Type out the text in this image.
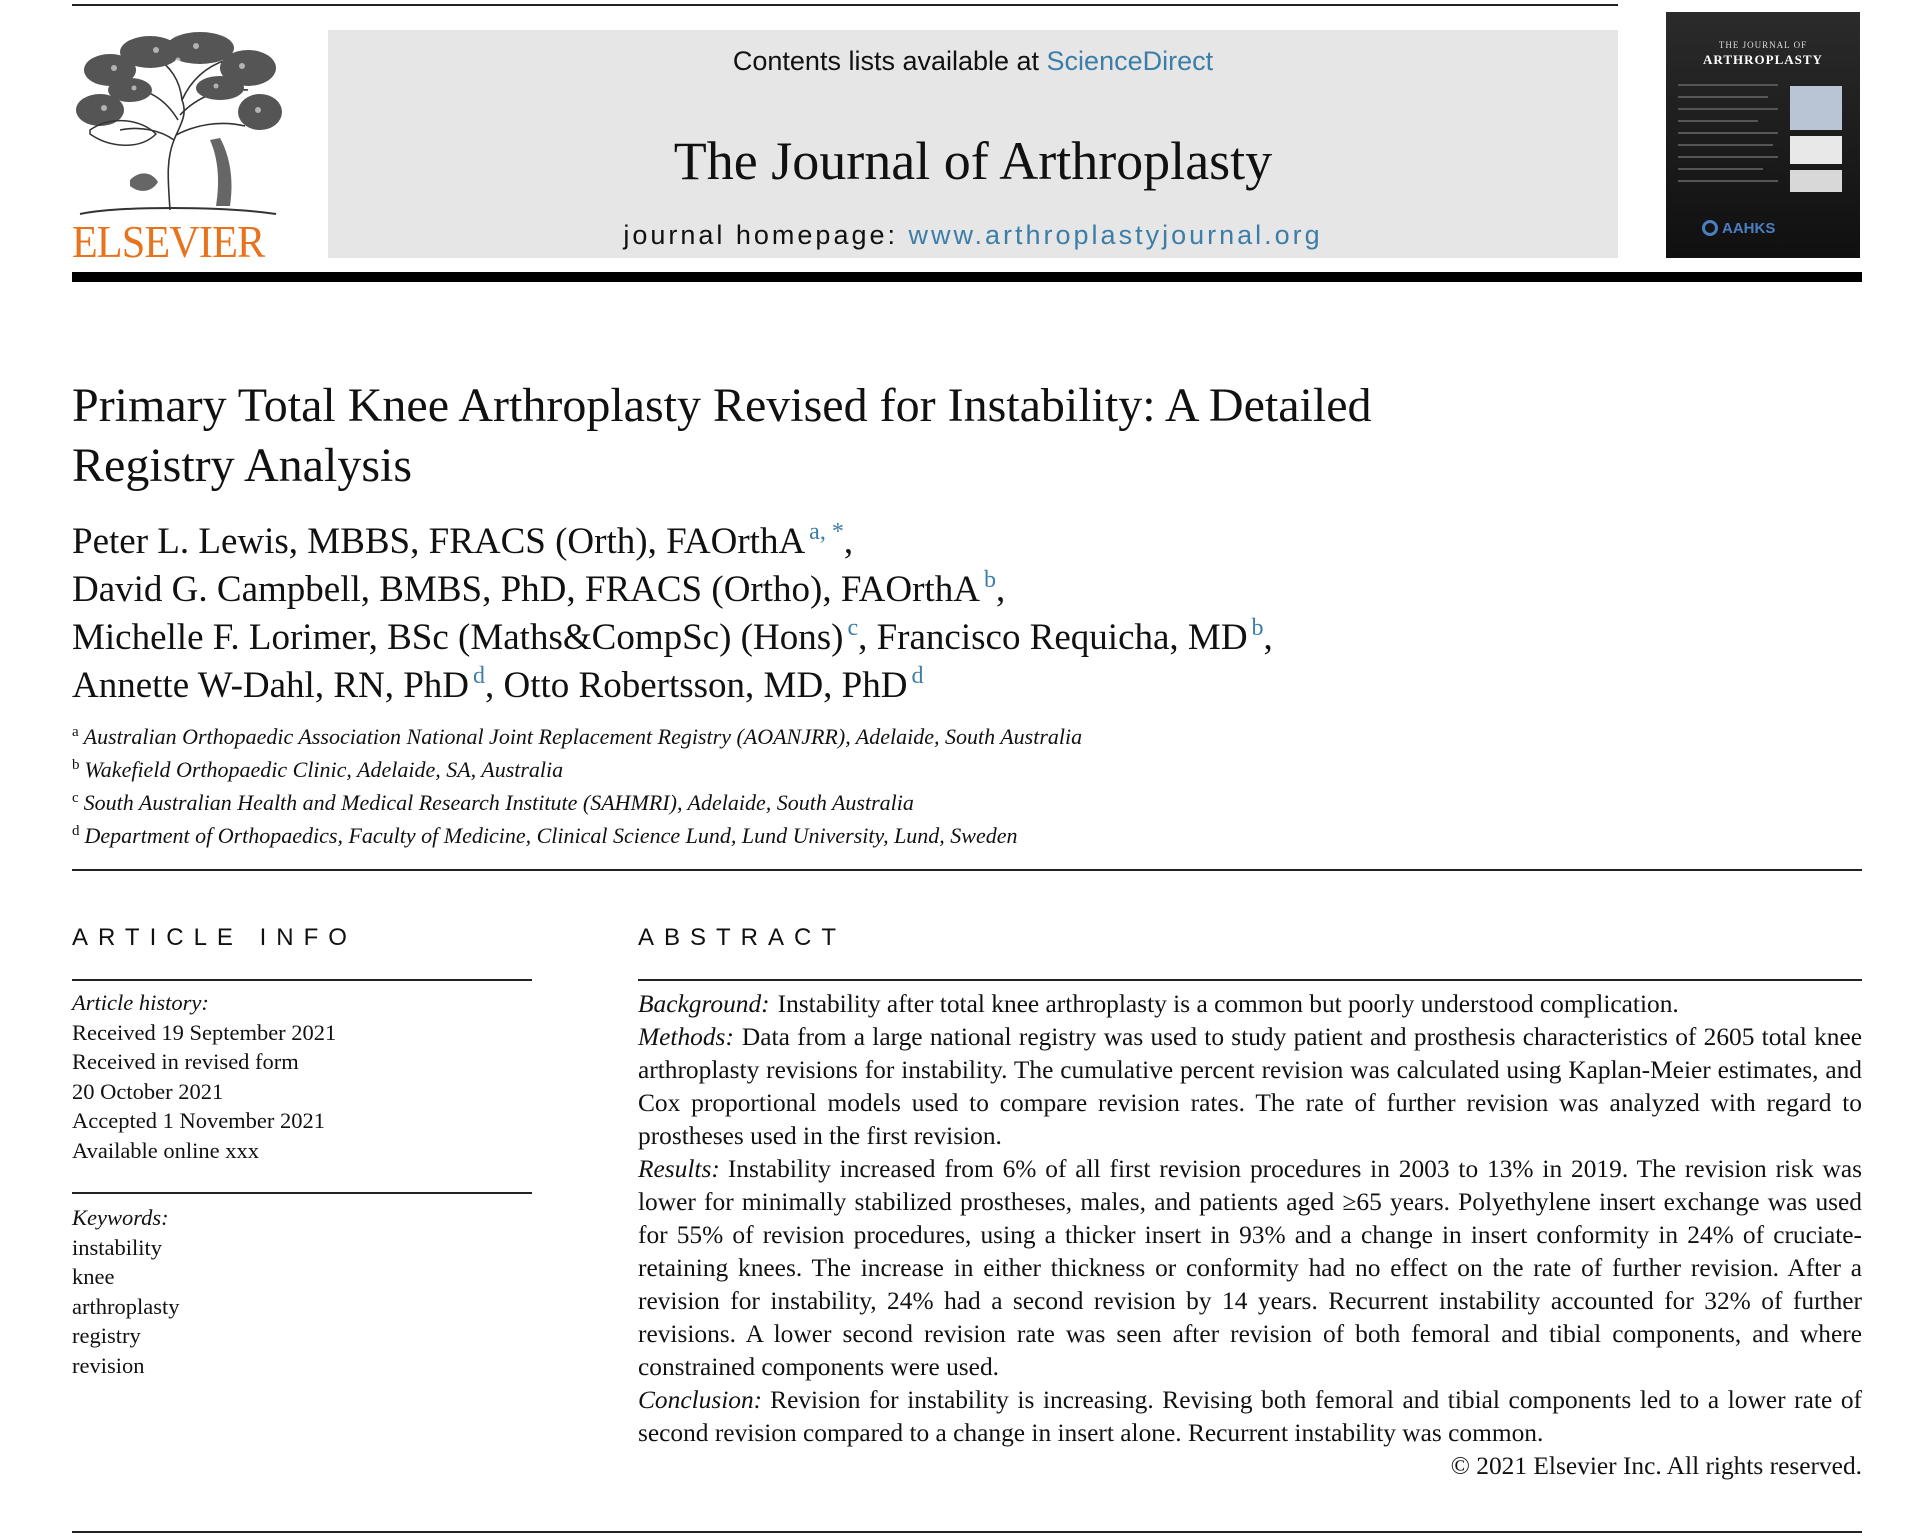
ELSEVIER
Contents lists available at ScienceDirect
The Journal of Arthroplasty
journal homepage: www.arthroplastyjournal.org
THE JOURNAL OF
ARTHROPLASTY
AAHKS
Primary Total Knee Arthroplasty Revised for Instability: A Detailed
Registry Analysis
Peter L. Lewis, MBBS, FRACS (Orth), FAOrthA $^{a, *}$,
David G. Campbell, BMBS, PhD, FRACS (Ortho), FAOrthA $^b$,
Michelle F. Lorimer, BSc (Maths&CompSc) (Hons) $^c$, Francisco Requicha, MD $^b$,
Annette W-Dahl, RN, PhD $^d$, Otto Robertsson, MD, PhD $^d$
$^a$ Australian Orthopaedic Association National Joint Replacement Registry (AOANJRR), Adelaide, South Australia
$^b$ Wakefield Orthopaedic Clinic, Adelaide, SA, Australia
$^c$ South Australian Health and Medical Research Institute (SAHMRI), Adelaide, South Australia
$^d$ Department of Orthopaedics, Faculty of Medicine, Clinical Science Lund, Lund University, Lund, Sweden
ARTICLE INFO
Article history:
Received 19 September 2021
Received in revised form
20 October 2021
Accepted 1 November 2021
Available online xxx
Keywords:
instability
knee
arthroplasty
registry
revision
ABSTRACT
Background: Instability after total knee arthroplasty is a common but poorly understood complication.
Methods: Data from a large national registry was used to study patient and prosthesis characteristics of 2605 total knee arthroplasty revisions for instability. The cumulative percent revision was calculated using Kaplan-Meier estimates, and Cox proportional models used to compare revision rates. The rate of further revision was analyzed with regard to prostheses used in the first revision.
Results: Instability increased from 6% of all first revision procedures in 2003 to 13% in 2019. The revision risk was lower for minimally stabilized prostheses, males, and patients aged ≥65 years. Polyethylene insert exchange was used for 55% of revision procedures, using a thicker insert in 93% and a change in insert conformity in 24% of cruciate-retaining knees. The increase in either thickness or conformity had no effect on the rate of further revision. After a revision for instability, 24% had a second revision by 14 years. Recurrent instability accounted for 32% of further revisions. A lower second revision rate was seen after revision of both femoral and tibial components, and where constrained components were used.
Conclusion: Revision for instability is increasing. Revising both femoral and tibial components led to a lower rate of second revision compared to a change in insert alone. Recurrent instability was common.
© 2021 Elsevier Inc. All rights reserved.
